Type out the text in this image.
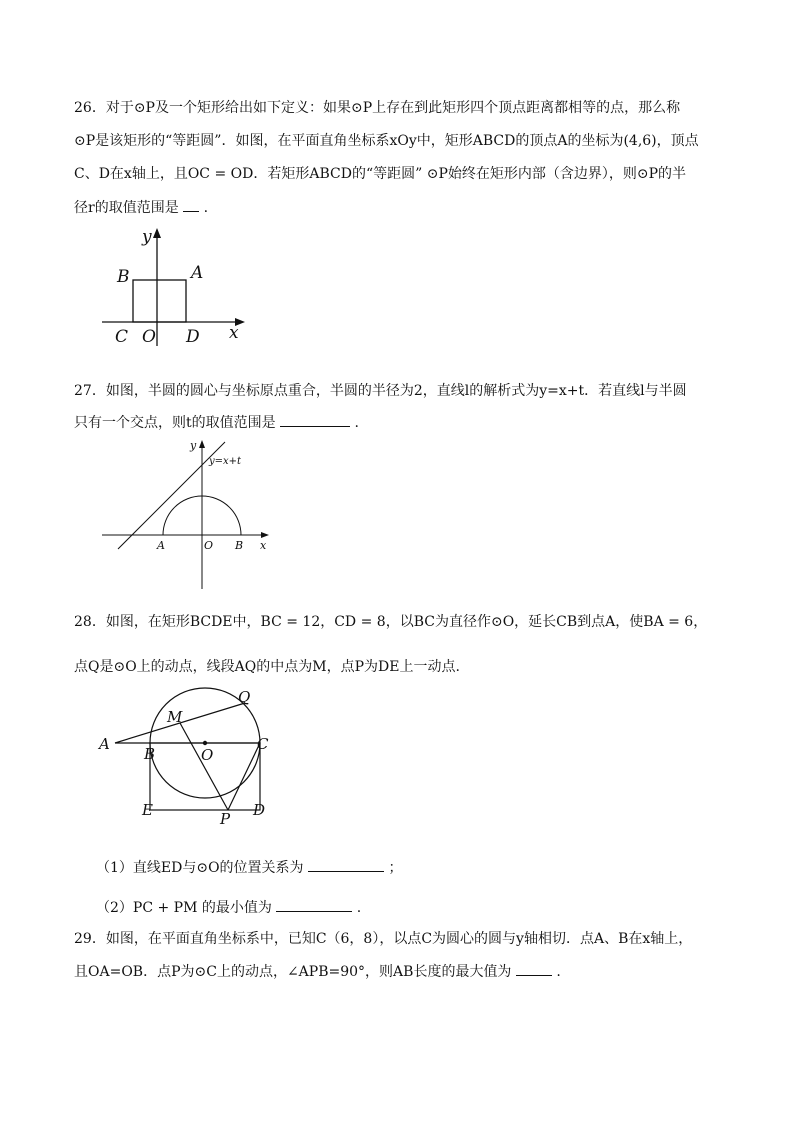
26．对于⊙P及一个矩形给出如下定义：如果⊙P上存在到此矩形四个顶点距离都相等的点，那么称
⊙P是该矩形的“等距圆”．如图，在平面直角坐标系xOy中，矩形ABCD的顶点A的坐标为(4,6)，顶点
C、D在x轴上，且OC = OD．若矩形ABCD的“等距圆” ⊙P始终在矩形内部（含边界），则⊙P的半
径r的取值范围是 .
y
B	A
C O D x
27．如图，半圆的圆心与坐标原点重合，半圆的半径为2，直线l的解析式为y=x+t．若直线l与半圆
只有一个交点，则t的取值范围是	.
y
y=x+t
A	O B x
28．如图，在矩形BCDE中，BC = 12，CD = 8，以BC为直径作⊙O，延长CB到点A，使BA = 6，
点Q是⊙O上的动点，线段AQ的中点为M，点P为DE上一动点.
Q
M
A
B	O
C
E	P D
（1）直线ED与⊙O的位置关系为	；
（2）PC + PM 的最小值为	.
29．如图，在平面直角坐标系中，已知C（6，8），以点C为圆心的圆与y轴相切．点A、B在x轴上，
且OA=OB．点P为⊙C上的动点，∠APB=90°，则AB长度的最大值为	.
